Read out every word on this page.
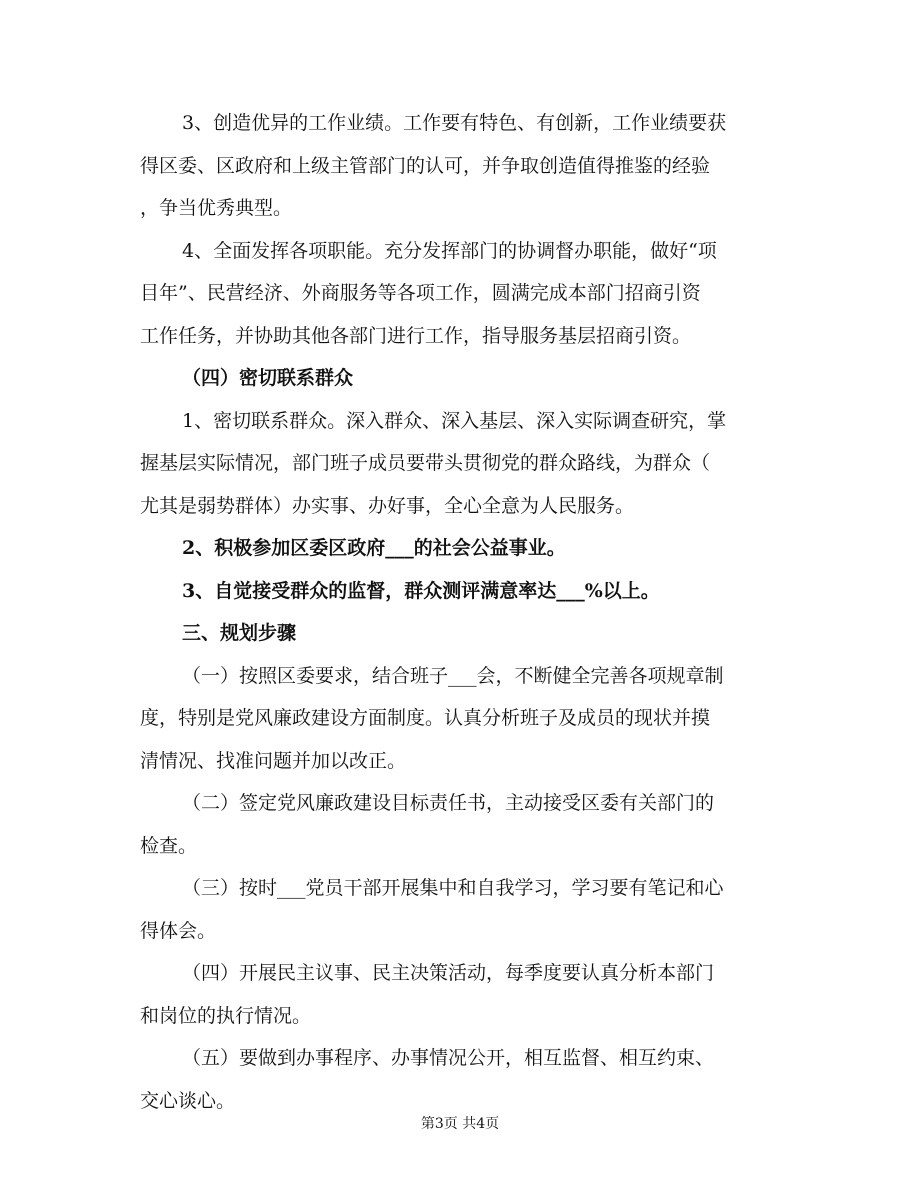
3、创造优异的工作业绩。工作要有特色、有创新，工作业绩要获
得区委、区政府和上级主管部门的认可，并争取创造值得推鉴的经验
，争当优秀典型。
4、全面发挥各项职能。充分发挥部门的协调督办职能，做好“项
目年”、民营经济、外商服务等各项工作，圆满完成本部门招商引资
工作任务，并协助其他各部门进行工作，指导服务基层招商引资。
（四）密切联系群众
1、密切联系群众。深入群众、深入基层、深入实际调查研究，掌
握基层实际情况，部门班子成员要带头贯彻党的群众路线，为群众（
尤其是弱势群体）办实事、办好事，全心全意为人民服务。
2、积极参加区委区政府___的社会公益事业。
3、自觉接受群众的监督，群众测评满意率达___%以上。
三、规划步骤
（一）按照区委要求，结合班子___会，不断健全完善各项规章制
度，特别是党风廉政建设方面制度。认真分析班子及成员的现状并摸
清情况、找准问题并加以改正。
（二）签定党风廉政建设目标责任书，主动接受区委有关部门的
检查。
（三）按时___党员干部开展集中和自我学习，学习要有笔记和心
得体会。
（四）开展民主议事、民主决策活动，每季度要认真分析本部门
和岗位的执行情况。
（五）要做到办事程序、办事情况公开，相互监督、相互约束、
交心谈心。
第3页 共4页
